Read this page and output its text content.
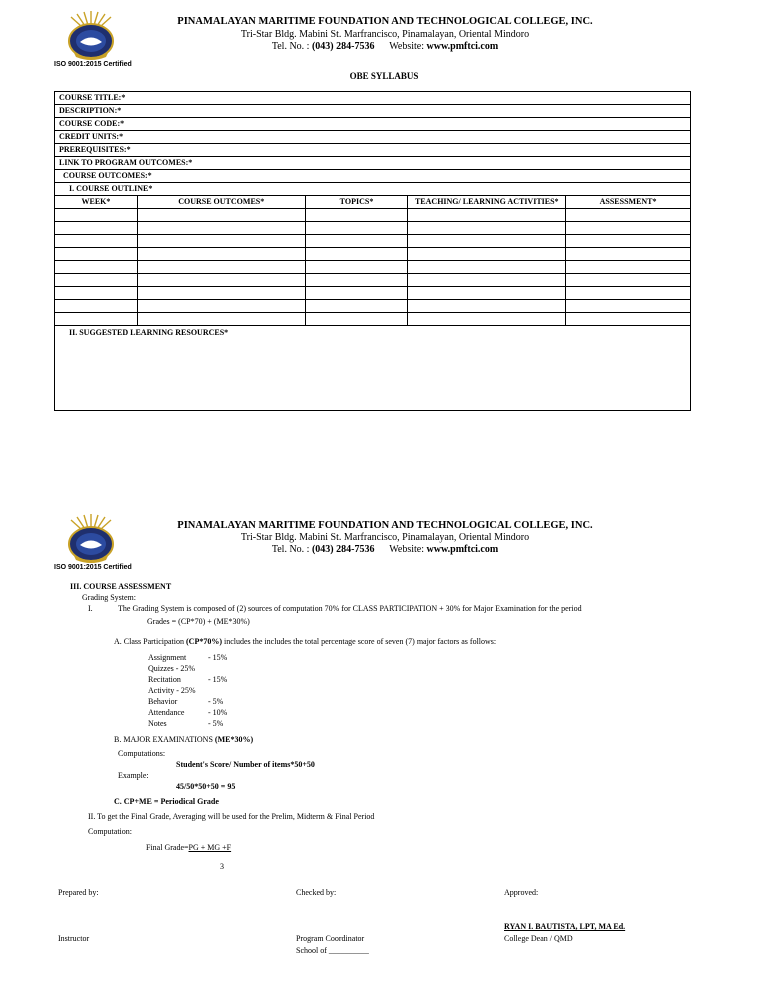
PINAMALAYAN MARITIME FOUNDATION AND TECHNOLOGICAL COLLEGE, INC.
Tri-Star Bldg. Mabini St. Marfrancisco, Pinamalayan, Oriental Mindoro
Tel. No. : (043) 284-7536 Website: www.pmftci.com
ISO 9001:2015 Certified
OBE SYLLABUS
COURSE TITLE:*				
DESCRIPTION:*				
COURSE CODE:*				
CREDIT UNITS:*				
PREREQUISITES:*				
LINK TO PROGRAM OUTCOMES:*				
COURSE OUTCOMES:*				
I. COURSE OUTLINE*				
WEEK*	COURSE OUTCOMES*	TOPICS*	TEACHING/ LEARNING ACTIVITIES*	ASSESSMENT*

II. SUGGESTED LEARNING RESOURCES*				
PINAMALAYAN MARITIME FOUNDATION AND TECHNOLOGICAL COLLEGE, INC.
Tri-Star Bldg. Mabini St. Marfrancisco, Pinamalayan, Oriental Mindoro
Tel. No. : (043) 284-7536 Website: www.pmftci.com
ISO 9001:2015 Certified
III. COURSE ASSESSMENT
Grading System:
I.	The Grading System is composed of (2) sources of computation 70% for CLASS PARTICIPATION + 30% for Major Examination for the period
Grades = (CP*70) + (ME*30%)
A. Class Participation (CP*70%) includes the includes the total percentage score of seven (7) major factors as follows:
Assignment	- 15%
Quizzes - 25%
Recitation	- 15%
Activity - 25%
Behavior	- 5%
Attendance	- 10%
Notes	- 5%
B. MAJOR EXAMINATIONS (ME*30%)
Computations:
Student's Score/ Number of items*50+50
Example:
45/50*50+50 = 95
C. CP+ME = Periodical Grade
II. To get the Final Grade, Averaging will be used for the Prelim, Midterm & Final Period
Computation:
Final Grade=PG + MG +F
3
Prepared by:	Checked by:	Approved:
RYAN I. BAUTISTA, LPT, MA Ed.
Instructor	Program Coordinator	College Dean / QMD
School of __________
